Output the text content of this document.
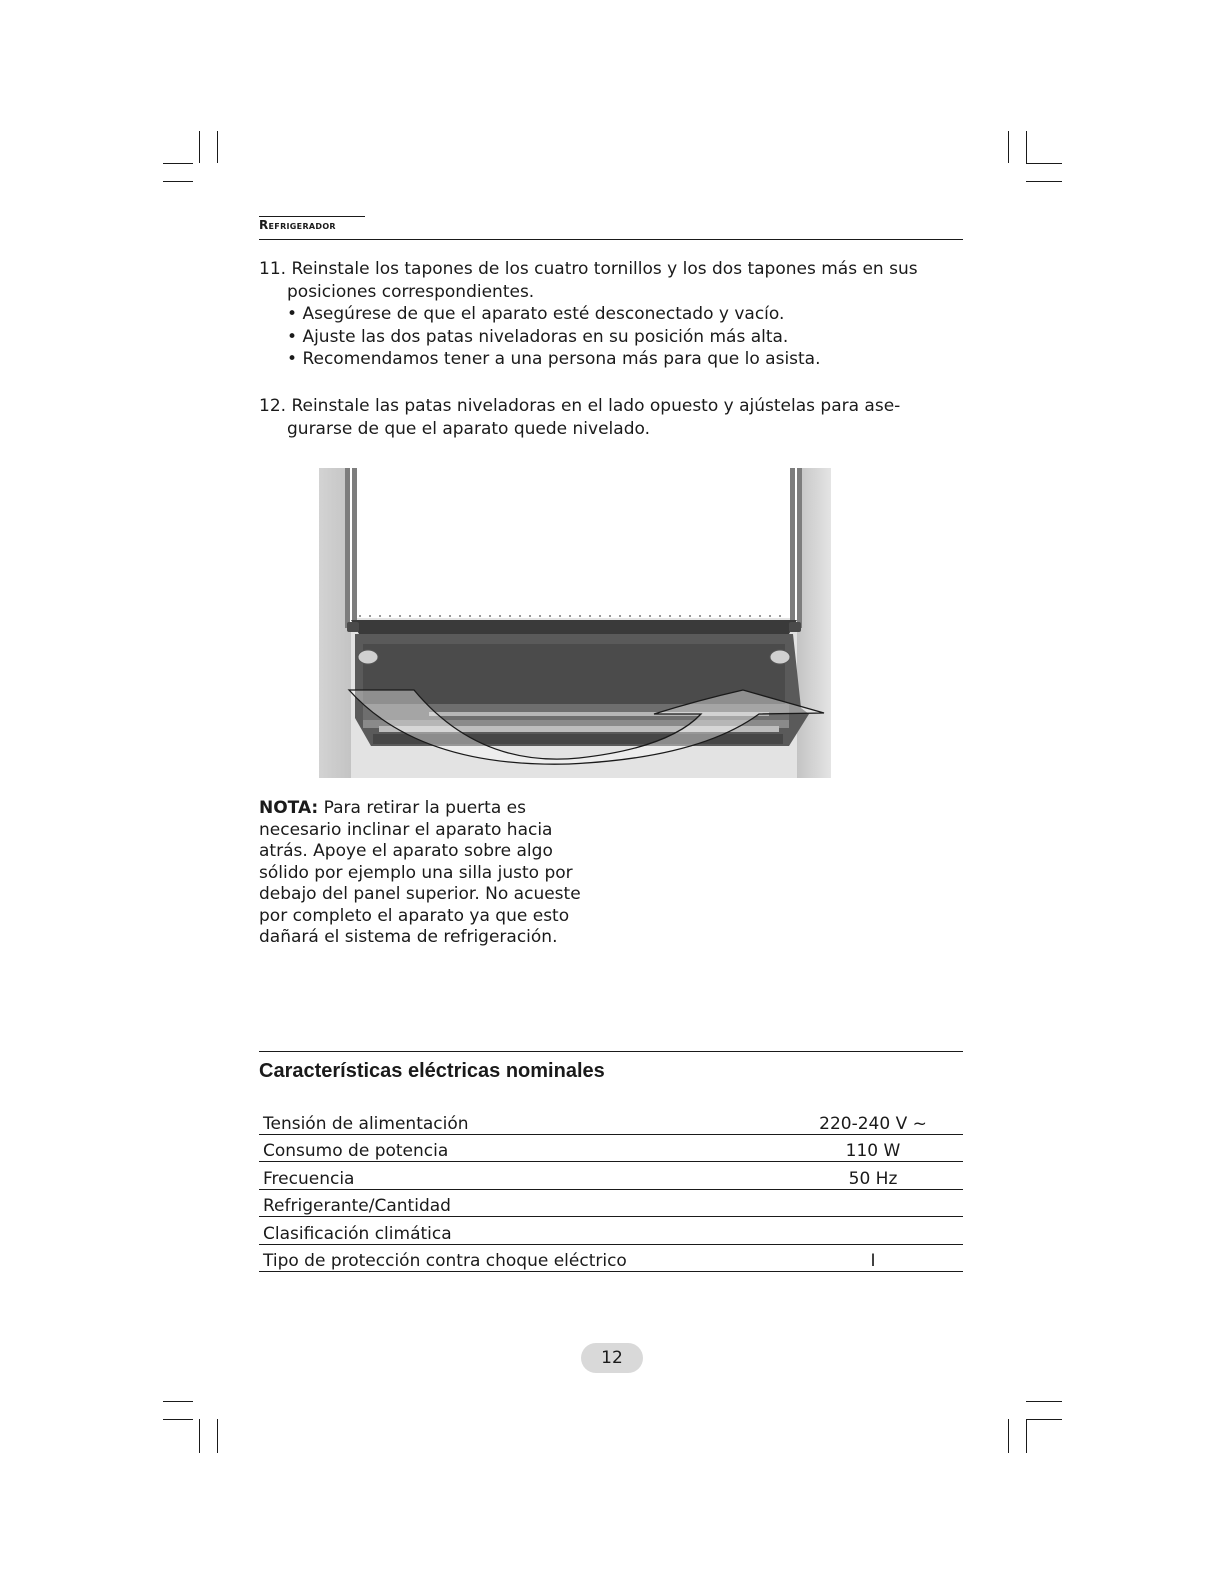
Refrigerador
11. Reinstale los tapones de los cuatro tornillos y los dos tapones más en sus
posiciones correspondientes.
• Asegúrese de que el aparato esté desconectado y vacío.
• Ajuste las dos patas niveladoras en su posición más alta.
• Recomendamos tener a una persona más para que lo asista.
12. Reinstale las patas niveladoras en el lado opuesto y ajústelas para ase-
gurarse de que el aparato quede nivelado.
NOTA: Para retirar la puerta es necesario inclinar el aparato hacia atrás. Apoye el aparato sobre algo sólido por ejemplo una silla justo por debajo del panel superior. No acueste por completo el aparato ya que esto dañará el sistema de refrigeración.
Características eléctricas nominales
Tensión de alimentación	220-240 V ~
Consumo de potencia	110 W
Frecuencia	50 Hz
Refrigerante/Cantidad	
Clasificación climática	
Tipo de protección contra choque eléctrico	I
12
